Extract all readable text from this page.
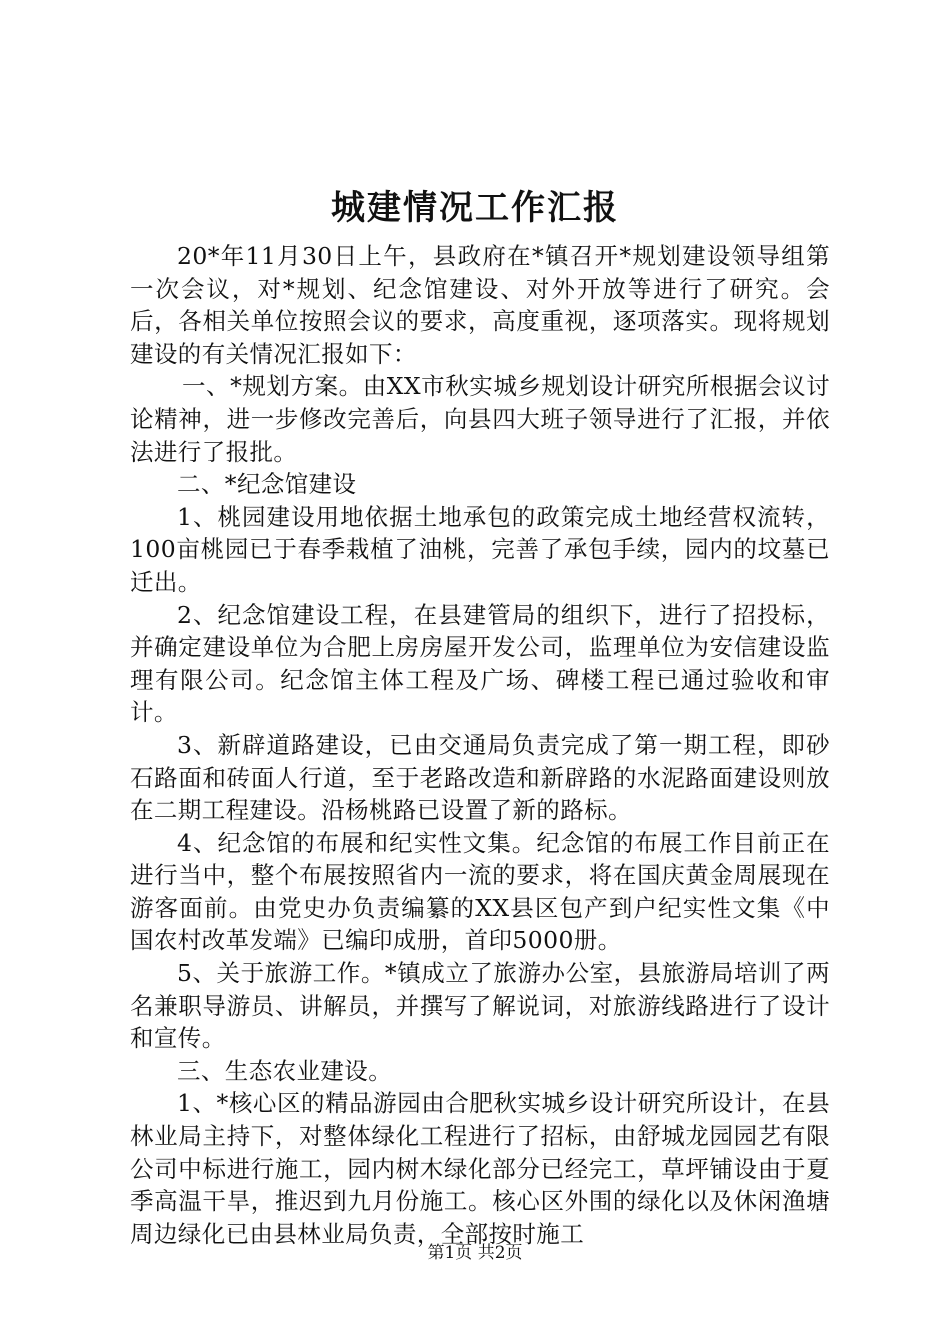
城建情况工作汇报

20*年11月30日上午，县政府在*镇召开*规划建设领导组第一次会议，对*规划、纪念馆建设、对外开放等进行了研究。会后，各相关单位按照会议的要求，高度重视，逐项落实。现将规划建设的有关情况汇报如下：

一、*规划方案。由XX市秋实城乡规划设计研究所根据会议讨论精神，进一步修改完善后，向县四大班子领导进行了汇报，并依法进行了报批。

二、*纪念馆建设

1、桃园建设用地依据土地承包的政策完成土地经营权流转，100亩桃园已于春季栽植了油桃，完善了承包手续，园内的坟墓已迁出。

2、纪念馆建设工程，在县建管局的组织下，进行了招投标，并确定建设单位为合肥上房房屋开发公司，监理单位为安信建设监理有限公司。纪念馆主体工程及广场、碑楼工程已通过验收和审计。

3、新辟道路建设，已由交通局负责完成了第一期工程，即砂石路面和砖面人行道，至于老路改造和新辟路的水泥路面建设则放在二期工程建设。沿杨桃路已设置了新的路标。

4、纪念馆的布展和纪实性文集。纪念馆的布展工作目前正在进行当中，整个布展按照省内一流的要求，将在国庆黄金周展现在游客面前。由党史办负责编纂的XX县区包产到户纪实性文集《中国农村改革发端》已编印成册，首印5000册。

5、关于旅游工作。*镇成立了旅游办公室，县旅游局培训了两名兼职导游员、讲解员，并撰写了解说词，对旅游线路进行了设计和宣传。

三、生态农业建设。

1、*核心区的精品游园由合肥秋实城乡设计研究所设计，在县林业局主持下，对整体绿化工程进行了招标，由舒城龙园园艺有限公司中标进行施工，园内树木绿化部分已经完工，草坪铺设由于夏季高温干旱，推迟到九月份施工。核心区外围的绿化以及休闲渔塘周边绿化已由县林业局负责，全部按时施工

第1页 共2页
